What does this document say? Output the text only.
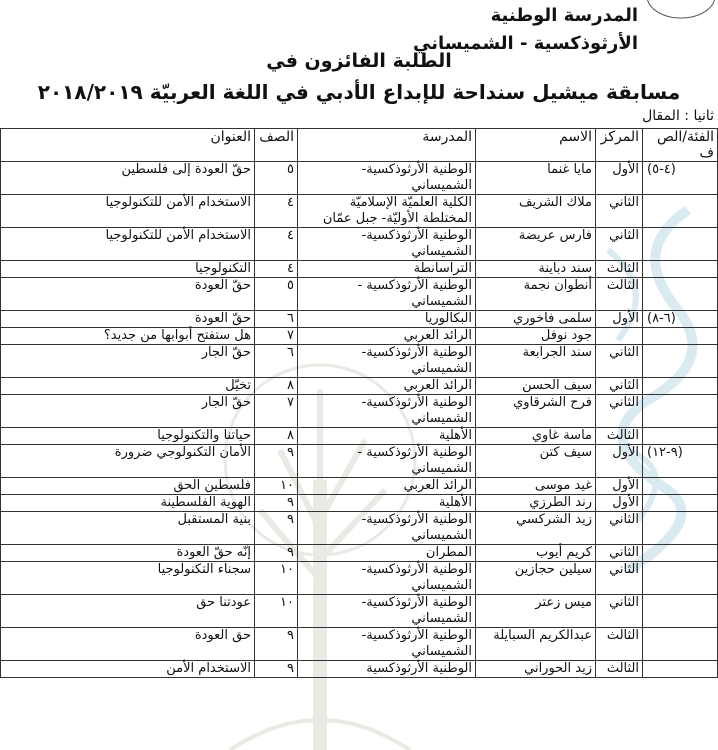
المدرسة الوطنية
الأرثوذكسية - الشميساني
الطلبة الفائزون في
مسابقة ميشيل سنداحة للإبداع الأدبي في اللغة العربيّة ٢٠١٨/٢٠١٩
ثانيا : المقال
الفئة/الص ف	المركز	الاسم	المدرسة	الصف	العنوان
(٤-٥)	الأول	مايا غنما	الوطنية الأرثوذكسية- الشميساني	٥	حقّ العودة إلى فلسطين
	الثاني	ملاك الشريف	الكلية العلميّة الإسلاميّة المختلطة الأوليّة- جبل عمّان	٤	الاستخدام الأمن للتكنولوجيا
	الثاني	فارس عريضة	الوطنية الأرثوذكسية- الشميساني	٤	الاستخدام الأمن للتكنولوجيا
	الثالث	سند دباينة	التراسانطة	٤	التكنولوجيا
	الثالث	أنطوان نجمة	الوطنية الأرثوذكسية - الشميساني	٥	حقّ العودة
(٦-٨)	الأول	سلمى فاخوري	البكالوريا	٦	حقّ العودة
		جود نوفل	الرائد العربي	٧	هل ستفتح أبوابها من جديد؟
	الثاني	سند الجرابعة	الوطنية الأرثوذكسية- الشميساني	٦	حقّ الجار
	الثاني	سيف الحسن	الرائد العربي	٨	تخيّل
	الثاني	فرح الشرقاوي	الوطنية الأرثوذكسية- الشميساني	٧	حقّ الجار
	الثالث	ماسة غاوي	الأهلية	٨	حياتنا والتكنولوجيا
(٩-١٢)	الأول	سيف كتن	الوطنية الأرثوذكسية - الشميساني	٩	الأمان التكنولوجي ضرورة
	الأول	غيد موسى	الرائد العربي	١٠	فلسطين الحق
	الأول	رند الطرزي	الأهلية	٩	الهوية الفلسطينة
	الثاني	زيد الشركسي	الوطنية الأرثوذكسية- الشميساني	٩	بنية المستقبل
	الثاني	كريم أيوب	المطران	٩	إنّه حقّ العودة
	الثاني	سيلين حجازين	الوطنية الأرثوذكسية- الشميساني	١٠	سجناء التكنولوجيا
	الثاني	ميس زعتر	الوطنية الأرثوذكسية- الشميساني	١٠	عودتنا حق
	الثالث	عبدالكريم السبايلة	الوطنية الأرثوذكسية- الشميساني	٩	حق العودة
	الثالث	زيد الحوراني	الوطنية الأرثوذكسية	٩	الاستخدام الأمن
